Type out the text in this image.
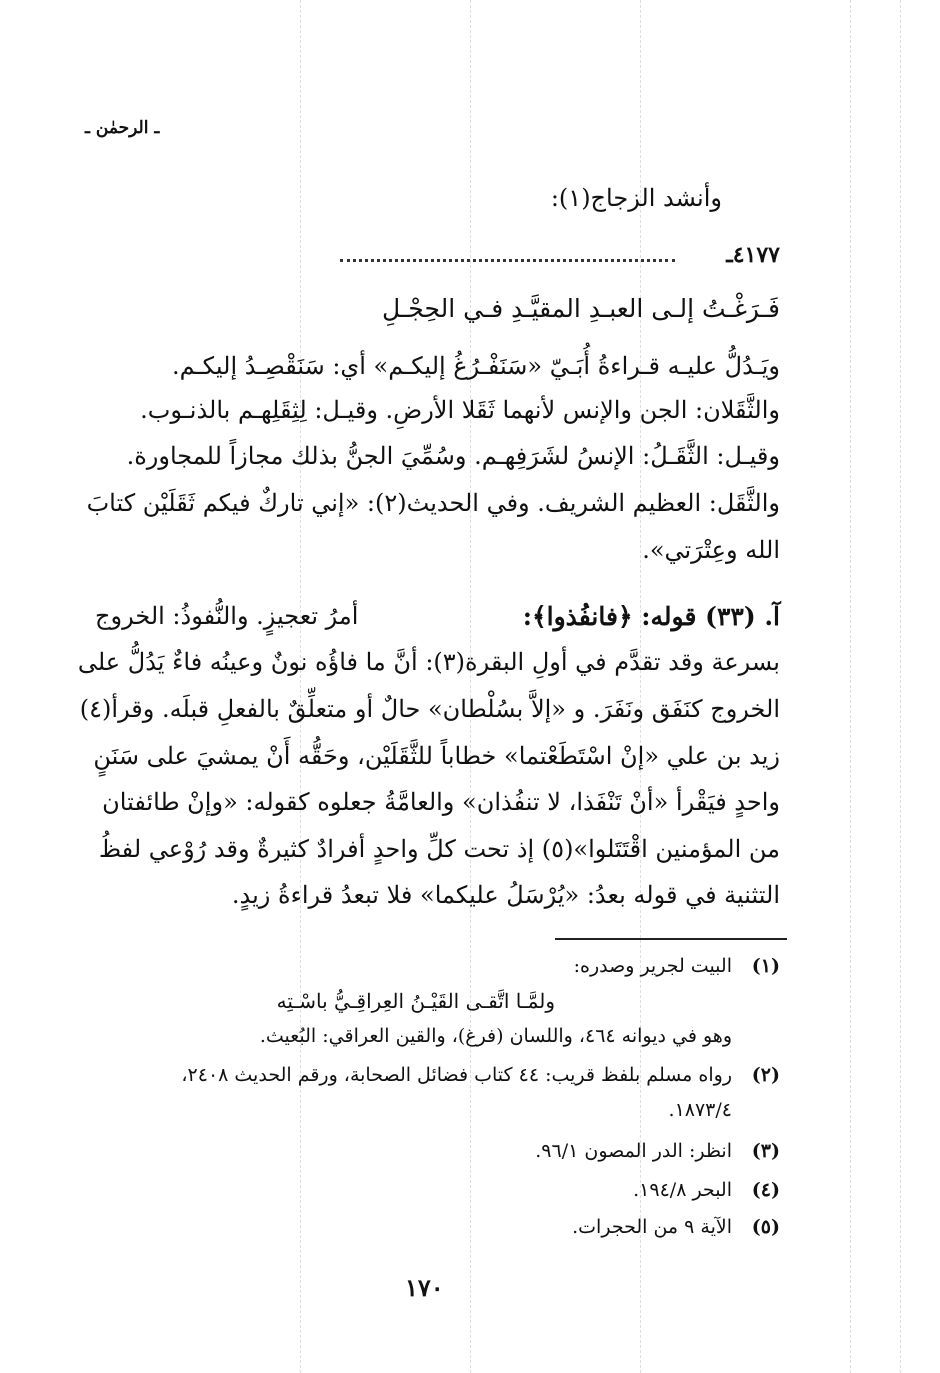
ـ الرحمٰن ـ
وأنشد الزجاج(١):
٤١٧٧ـ
فَـرَغْـتُ إلـى العبـدِ المقيَّـدِ فـي الحِجْـلِ
ويَـدُلُّ عليـه قـراءةُ أُبَـيّ «سَنَفْـرُغُ إليكـم» أي: سَنَقْصِـدُ إليكـم.
والثَّقَلان: الجن والإنس لأنهما ثَقَلا الأرضِ. وقيـل: لِثِقَلِهـم بالذنـوب.
وقيـل: الثَّقَـلُ: الإنسُ لشَرَفِهـم. وسُمِّيَ الجنُّ بذلك مجازاً للمجاورة.
والثَّقَل: العظيم الشريف. وفي الحديث(٢): «إني تاركٌ فيكم ثَقَلَيْن كتابَ
الله وعِتْرَتي».
آ. (٣٣) قوله: ﴿فانفُذوا﴾:
أمرُ تعجيزٍ. والنُّفوذُ: الخروج
بسرعة وقد تقدَّم في أولِ البقرة(٣): أنَّ ما فاؤُه نونٌ وعينُه فاءٌ يَدُلُّ على
الخروج كنَفَق ونَفَرَ. و «إلاَّ بسُلْطان» حالٌ أو متعلِّقٌ بالفعلِ قبلَه. وقرأ(٤)
زيد بن علي «إنْ اسْتَطَعْتما» خطاباً للثَّقَلَيْن، وحَقُّه أَنْ يمشيَ على سَنَنٍ
واحدٍ فيَقْرأ «أنْ تَنْفَذا، لا تنفُذان» والعامَّةُ جعلوه كقوله: «وإنْ طائفتان
من المؤمنين اقْتَتَلوا»(٥) إذ تحت كلِّ واحدٍ أفرادٌ كثيرةٌ وقد رُوْعي لفظُ
التثنية في قوله بعدُ: «يُرْسَلُ عليكما» فلا تبعدُ قراءةُ زيدٍ.
(١)
البيت لجرير وصدره:
ولمَّـا اتَّقـى القَيْـنُ العِراقِـيُّ باسْـتِه
وهو في ديوانه ٤٦٤، واللسان (فرغ)، والقين العراقي: البُعيث.
(٢)
رواه مسلم بلفظ قريب: ٤٤ كتاب فضائل الصحابة، ورقم الحديث ٢٤٠٨،
١٨٧٣/٤.
(٣)
انظر: الدر المصون ٩٦/١.
(٤)
البحر ١٩٤/٨.
(٥)
الآية ٩ من الحجرات.
١٧٠
